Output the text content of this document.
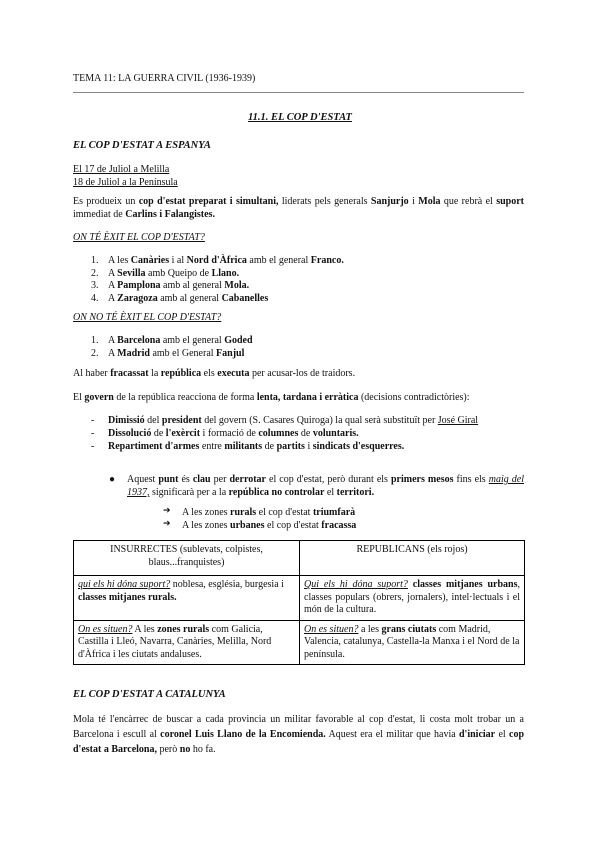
TEMA 11: LA GUERRA CIVIL (1936-1939)
11.1. EL COP D'ESTAT
EL COP D'ESTAT A ESPANYA
El 17 de Juliol a Melilla
18 de Juliol a la Península
Es produeix un cop d'estat preparat i simultani, liderats pels generals Sanjurjo i Mola que rebrà el suport immediat de Carlins i Falangistes.
ON TÉ ÈXIT EL COP D'ESTAT?
1. A les Canàries i al Nord d'Àfrica amb el general Franco.
2. A Sevilla amb Queipo de Llano.
3. A Pamplona amb al general Mola.
4. A Zaragoza amb al general Cabanelles
ON NO TÉ ÈXIT EL COP D'ESTAT?
1. A Barcelona amb el general Goded
2. A Madrid amb el General Fanjul
Al haber fracassat la república els executa per acusar-los de traidors.
El govern de la república reacciona de forma lenta, tardana i erràtica (decisions contradictòries):
- Dimissió del president del govern (S. Casares Quiroga) la qual serà substituït per José Giral
- Dissolució de l'exèrcit i formació de columnes de voluntaris.
- Repartiment d'armes entre militants de partits i sindicats d'esquerres.
● Aquest punt és clau per derrotar el cop d'estat, però durant els primers mesos fins els maig del 1937, significarà per a la república no controlar el territori.
➔ A les zones rurals el cop d'estat triumfarà
➔ A les zones urbanes el cop d'estat fracassa
INSURRECTES (sublevats, colpistes, blaus...franquistes)	REPUBLICANS (els rojos)
qui els hi dóna suport? noblesa, església, burgesia i classes mitjanes rurals.	Qui els hi dóna suport? classes mitjanes urbans, classes populars (obrers, jornalers), intel·lectuals i el món de la cultura.
On es situen? A les zones rurals com Galicia, Castilla i Lleó, Navarra, Canàries, Melilla, Nord d'Àfrica i les ciutats andaluses.	On es situen? a les grans ciutats com Madrid, Valencia, catalunya, Castella-la Manxa i el Nord de la península.
EL COP D'ESTAT A CATALUNYA
Mola té l'encàrrec de buscar a cada provincia un militar favorable al cop d'estat, li costa molt trobar un a Barcelona i escull al coronel Luis Llano de la Encomienda. Aquest era el militar que havia d'iniciar el cop d'estat a Barcelona, però no ho fa.
